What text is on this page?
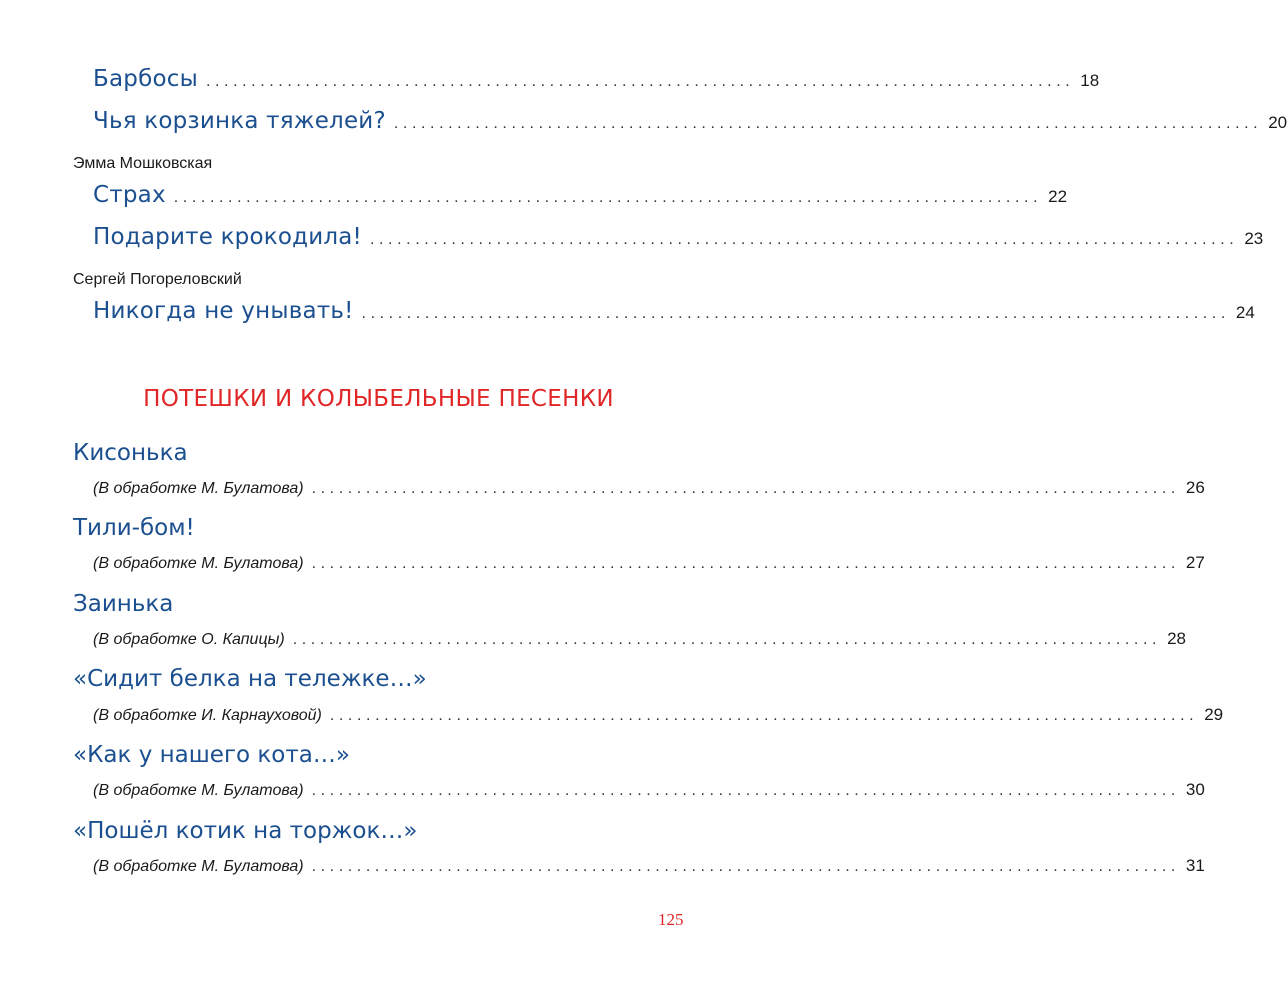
Барбосы ................................................................................................ 18
Чья корзинка тяжелей? ................................................................................................ 20
Эмма Мошковская
Страх ................................................................................................ 22
Подарите крокодила! ................................................................................................ 23
Сергей Погореловский
Никогда не унывать! ................................................................................................ 24
ПОТЕШКИ И КОЛЫБЕЛЬНЫЕ ПЕСЕНКИ
Кисонька
(В обработке М. Булатова) ................................................................................................ 26
Тили-бом!
(В обработке М. Булатова) ................................................................................................ 27
Заинька
(В обработке О. Капицы) ................................................................................................ 28
«Сидит белка на тележке…»
(В обработке И. Карнауховой) ................................................................................................ 29
«Как у нашего кота…»
(В обработке М. Булатова) ................................................................................................ 30
«Пошёл котик на торжок…»
(В обработке М. Булатова) ................................................................................................ 31
125
